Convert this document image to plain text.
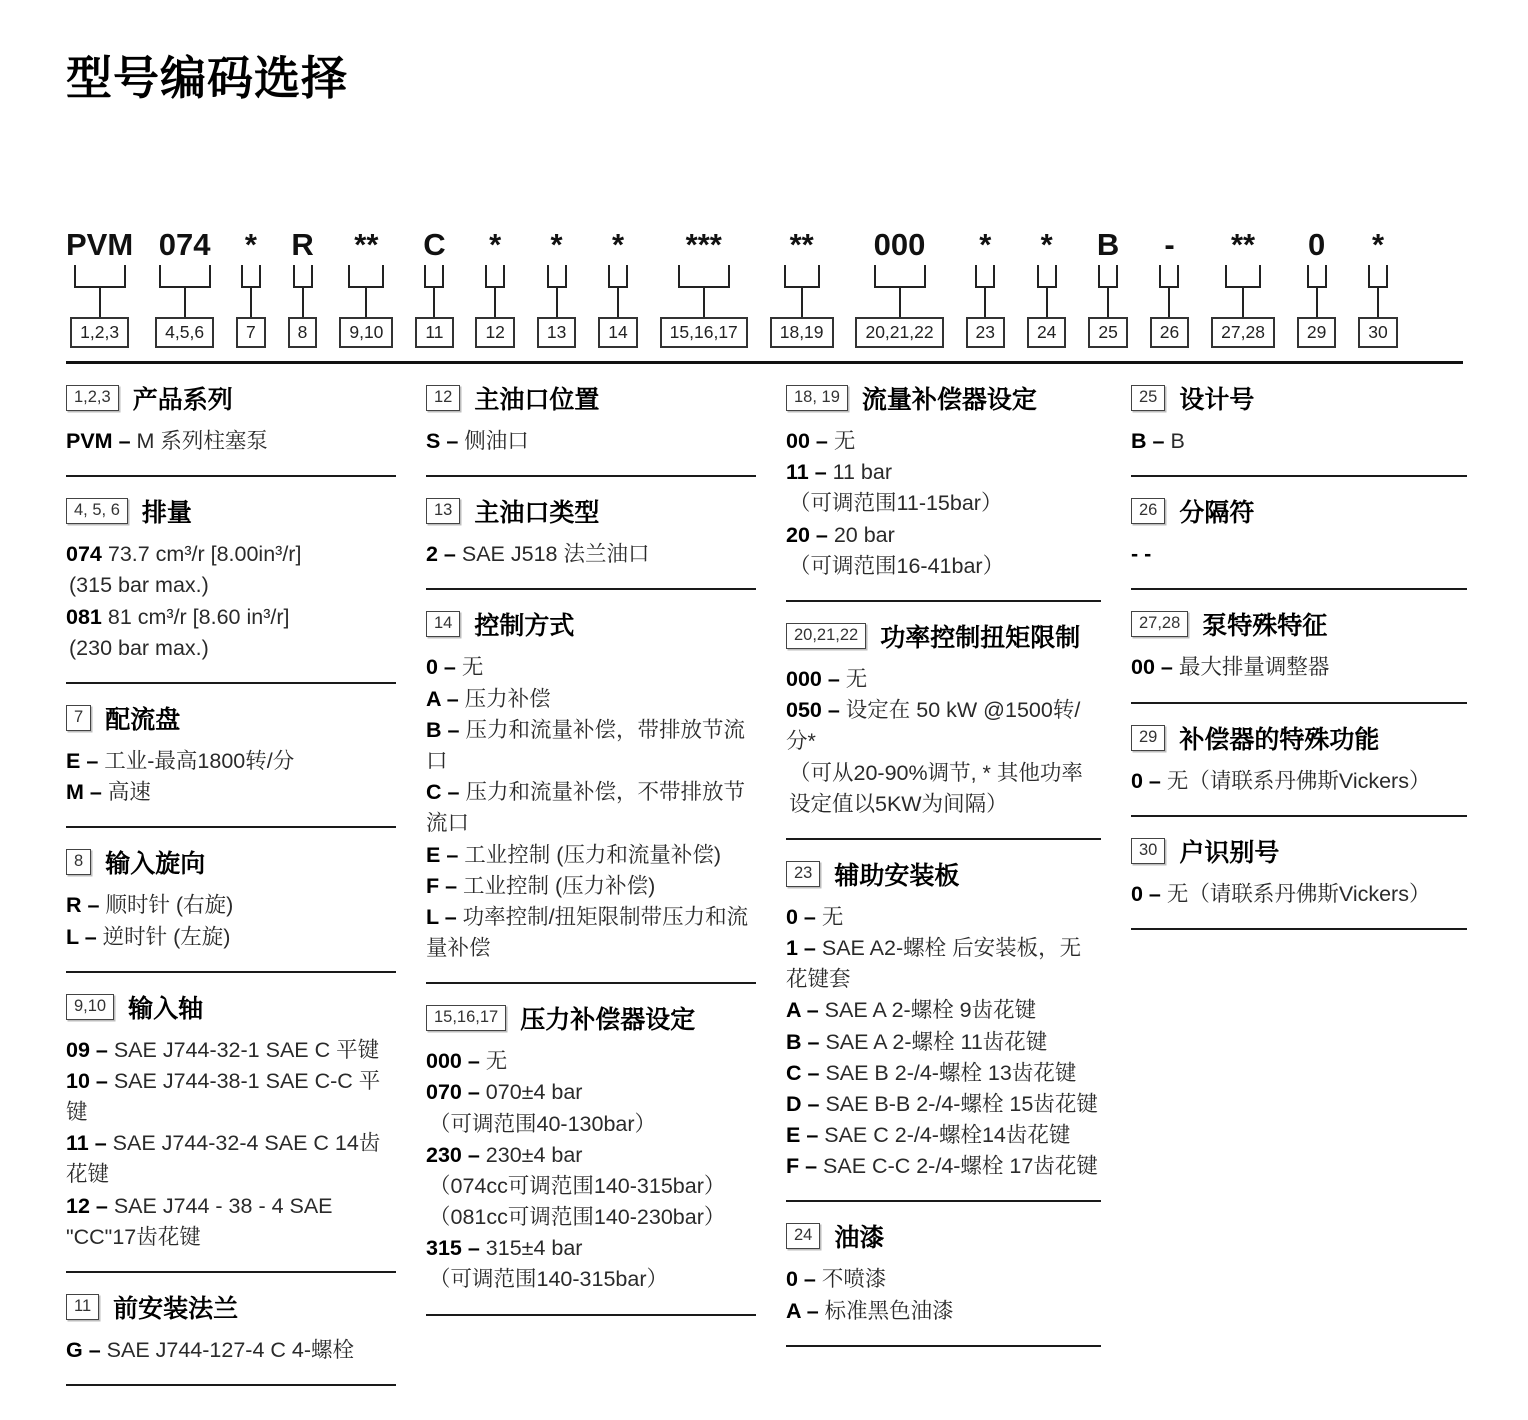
型号编码选择
PVM
1,2,3
074
4,5,6
*
7
R
8
**
9,10
C
11
*
12
*
13
*
14
***
15,16,17
**
18,19
000
20,21,22
*
23
*
24
B
25
-
26
**
27,28
0
29
*
30
1,2,3 产品系列
PVM – M 系列柱塞泵
4, 5, 6 排量
074 73.7 cm³/r [8.00in³/r]
(315 bar max.)
081 81 cm³/r [8.60 in³/r]
(230 bar max.)
7 配流盘
E – 工业-最高1800转/分
M – 高速
8 输入旋向
R – 顺时针 (右旋)
L – 逆时针 (左旋)
9,10 输入轴
09 – SAE J744-32-1 SAE C 平键
10 – SAE J744-38-1 SAE C-C 平键
11 – SAE J744-32-4 SAE C 14齿花键
12 – SAE J744 - 38 - 4 SAE "CC"17齿花键
11 前安装法兰
G – SAE J744-127-4 C 4-螺栓
12 主油口位置
S – 侧油口
13 主油口类型
2 – SAE J518 法兰油口
14 控制方式
0 – 无
A – 压力补偿
B – 压力和流量补偿，带排放节流口
C – 压力和流量补偿，不带排放节流口
E – 工业控制 (压力和流量补偿)
F – 工业控制 (压力补偿)
L – 功率控制/扭矩限制带压力和流量补偿
15,16,17 压力补偿器设定
000 – 无
070 – 070±4 bar
（可调范围40-130bar）
230 – 230±4 bar
（074cc可调范围140-315bar）
（081cc可调范围140-230bar）
315 – 315±4 bar
（可调范围140-315bar）
18, 19 流量补偿器设定
00 – 无
11 – 11 bar
（可调范围11-15bar）
20 – 20 bar
（可调范围16-41bar）
20,21,22 功率控制扭矩限制
000 – 无
050 – 设定在 50 kW @1500转/分*
（可从20-90%调节, * 其他功率设定值以5KW为间隔）
23 辅助安装板
0 – 无
1 – SAE A2-螺栓 后安装板，无花键套
A – SAE A 2-螺栓 9齿花键
B – SAE A 2-螺栓 11齿花键
C – SAE B 2-/4-螺栓 13齿花键
D – SAE B-B 2-/4-螺栓 15齿花键
E – SAE C 2-/4-螺栓14齿花键
F – SAE C-C 2-/4-螺栓 17齿花键
24 油漆
0 – 不喷漆
A – 标准黑色油漆
25 设计号
B – B
26 分隔符
- -
27,28 泵特殊特征
00 – 最大排量调整器
29 补偿器的特殊功能
0 – 无（请联系丹佛斯Vickers）
30 户识别号
0 – 无（请联系丹佛斯Vickers）
